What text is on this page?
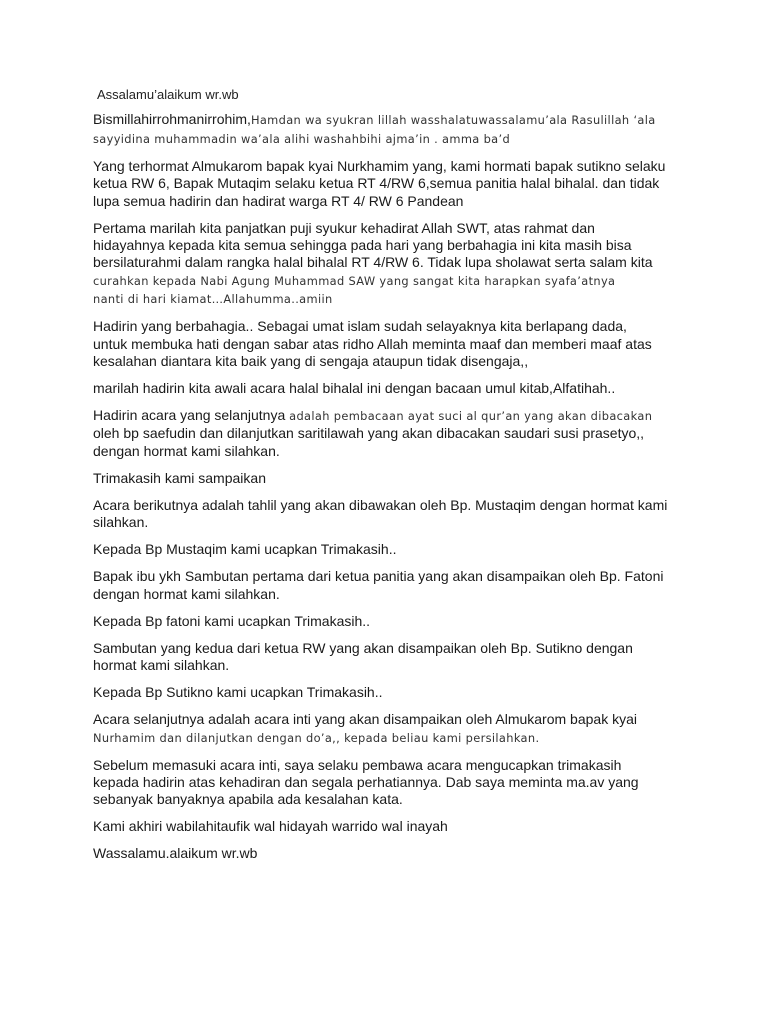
Assalamu’alaikum wr.wb

Bismillahirrohmanirrohim,Hamdan wa syukran lillah wasshalatuwassalamu’ala Rasulillah ‘ala
sayyidina muhammadin wa’ala alihi washahbihi ajma’in . amma ba’d

Yang terhormat Almukarom bapak kyai Nurkhamim yang, kami hormati bapak sutikno selaku
ketua RW 6, Bapak Mutaqim selaku ketua RT 4/RW 6,semua panitia halal bihalal. dan tidak
lupa semua hadirin dan hadirat warga RT 4/ RW 6 Pandean

Pertama marilah kita panjatkan puji syukur kehadirat Allah SWT, atas rahmat dan
hidayahnya kepada kita semua sehingga pada hari yang berbahagia ini kita masih bisa
bersilaturahmi dalam rangka halal bihalal RT 4/RW 6. Tidak lupa sholawat serta salam kita
curahkan kepada Nabi Agung Muhammad SAW yang sangat kita harapkan syafa’atnya
nanti di hari kiamat…Allahumma..amiin

Hadirin yang berbahagia.. Sebagai umat islam sudah selayaknya kita berlapang dada,
untuk membuka hati dengan sabar atas ridho Allah meminta maaf dan memberi maaf atas
kesalahan diantara kita baik yang di sengaja ataupun tidak disengaja,,

marilah hadirin kita awali acara halal bihalal ini dengan bacaan umul kitab,Alfatihah..

Hadirin acara yang selanjutnya adalah pembacaan ayat suci al qur’an yang akan dibacakan
oleh bp saefudin dan dilanjutkan saritilawah yang akan dibacakan saudari susi prasetyo,,
dengan hormat kami silahkan.

Trimakasih kami sampaikan

Acara berikutnya adalah tahlil yang akan dibawakan oleh Bp. Mustaqim dengan hormat kami
silahkan.

Kepada Bp Mustaqim kami ucapkan Trimakasih..

Bapak ibu ykh Sambutan pertama dari ketua panitia yang akan disampaikan oleh Bp. Fatoni
dengan hormat kami silahkan.

Kepada Bp fatoni kami ucapkan Trimakasih..

Sambutan yang kedua dari ketua RW yang akan disampaikan oleh Bp. Sutikno dengan
hormat kami silahkan.

Kepada Bp Sutikno kami ucapkan Trimakasih..

Acara selanjutnya adalah acara inti yang akan disampaikan oleh Almukarom bapak kyai
Nurhamim dan dilanjutkan dengan do’a,, kepada beliau kami persilahkan.

Sebelum memasuki acara inti, saya selaku pembawa acara mengucapkan trimakasih
kepada hadirin atas kehadiran dan segala perhatiannya. Dab saya meminta ma.av yang
sebanyak banyaknya apabila ada kesalahan kata.

Kami akhiri wabilahitaufik wal hidayah warrido wal inayah

Wassalamu.alaikum wr.wb
